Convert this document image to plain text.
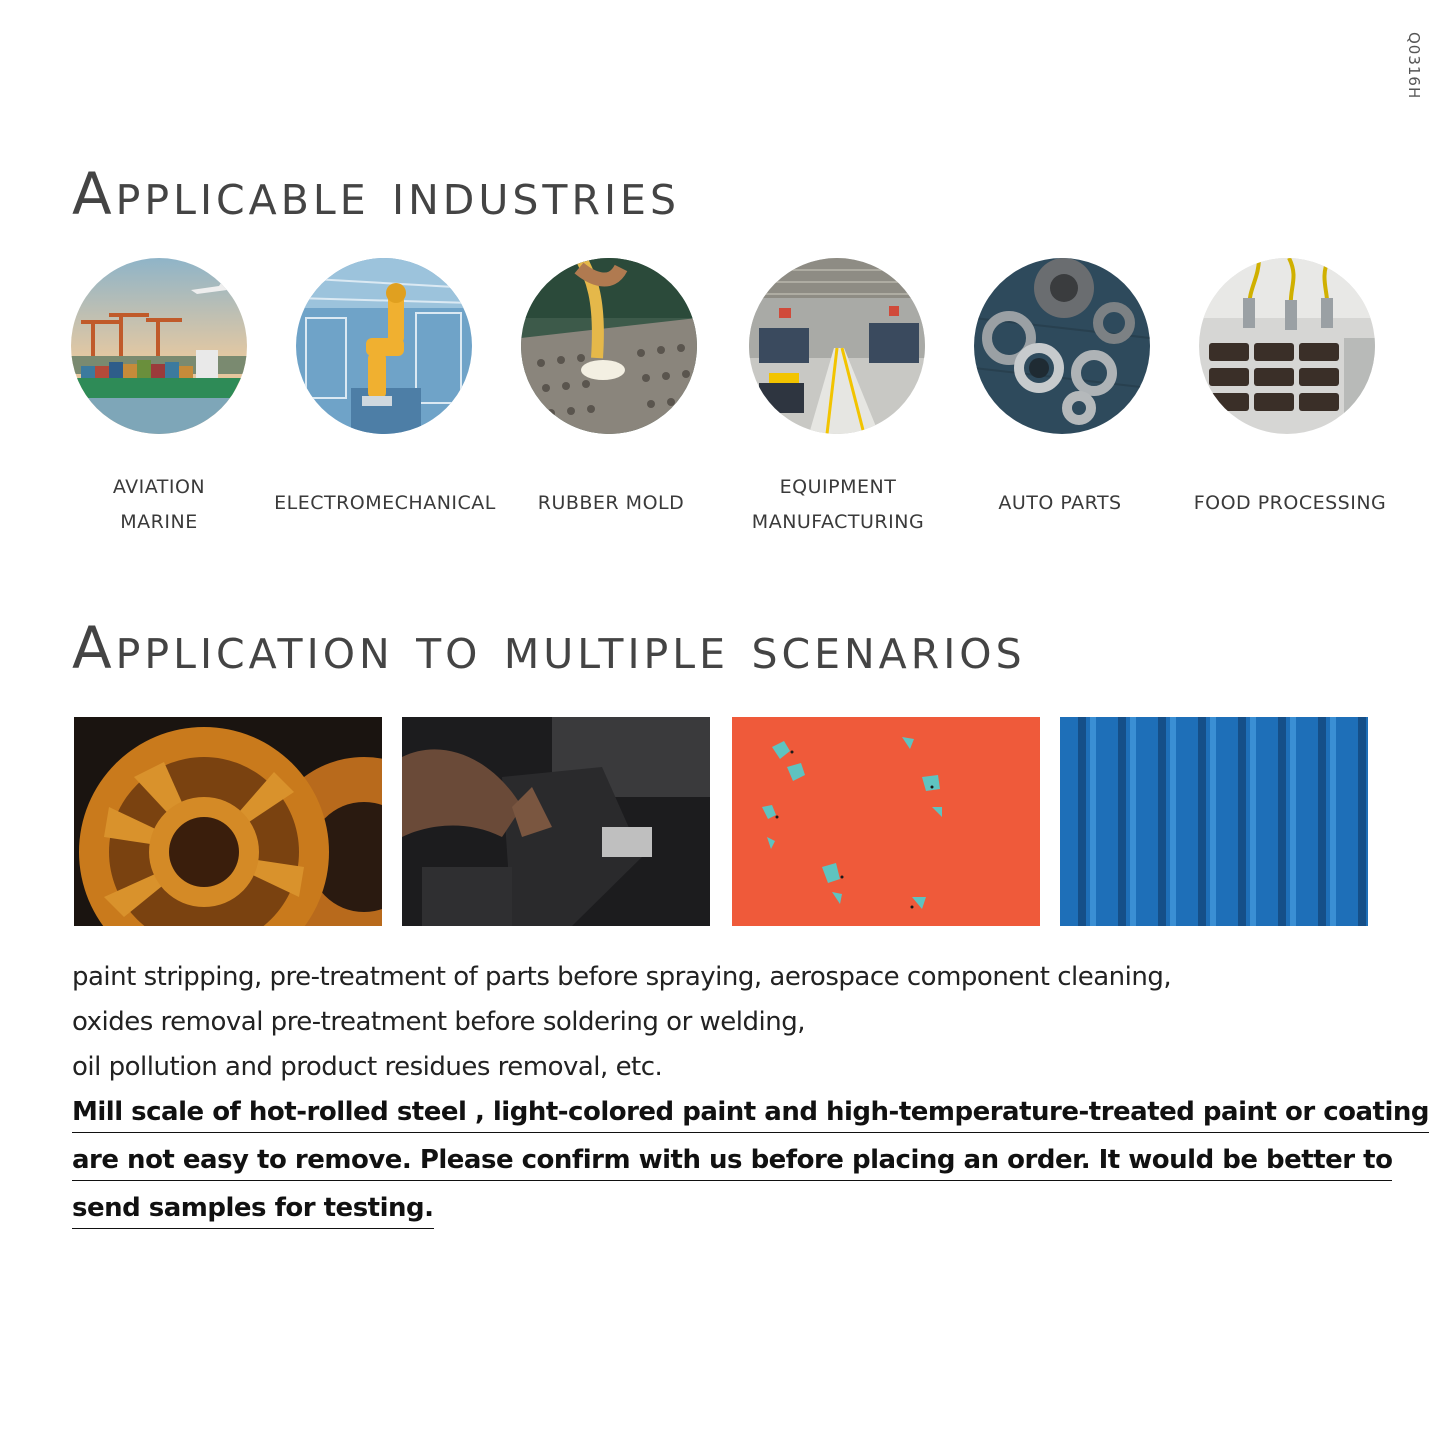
Q0316H
Applicable industries
AVIATION
MARINE
ELECTROMECHANICAL	RUBBER MOLD
EQUIPMENT
MANUFACTURING
AUTO PARTS	FOOD PROCESSING
Application to multiple scenarios
paint stripping, pre-treatment of parts before spraying, aerospace component cleaning,
oxides removal pre-treatment before soldering or welding,
oil pollution and product residues removal, etc.
Mill scale of hot-rolled steel , light-colored paint and high-temperature-treated paint or coating
are not easy to remove. Please confirm with us before placing an order. It would be better to
send samples for testing.
